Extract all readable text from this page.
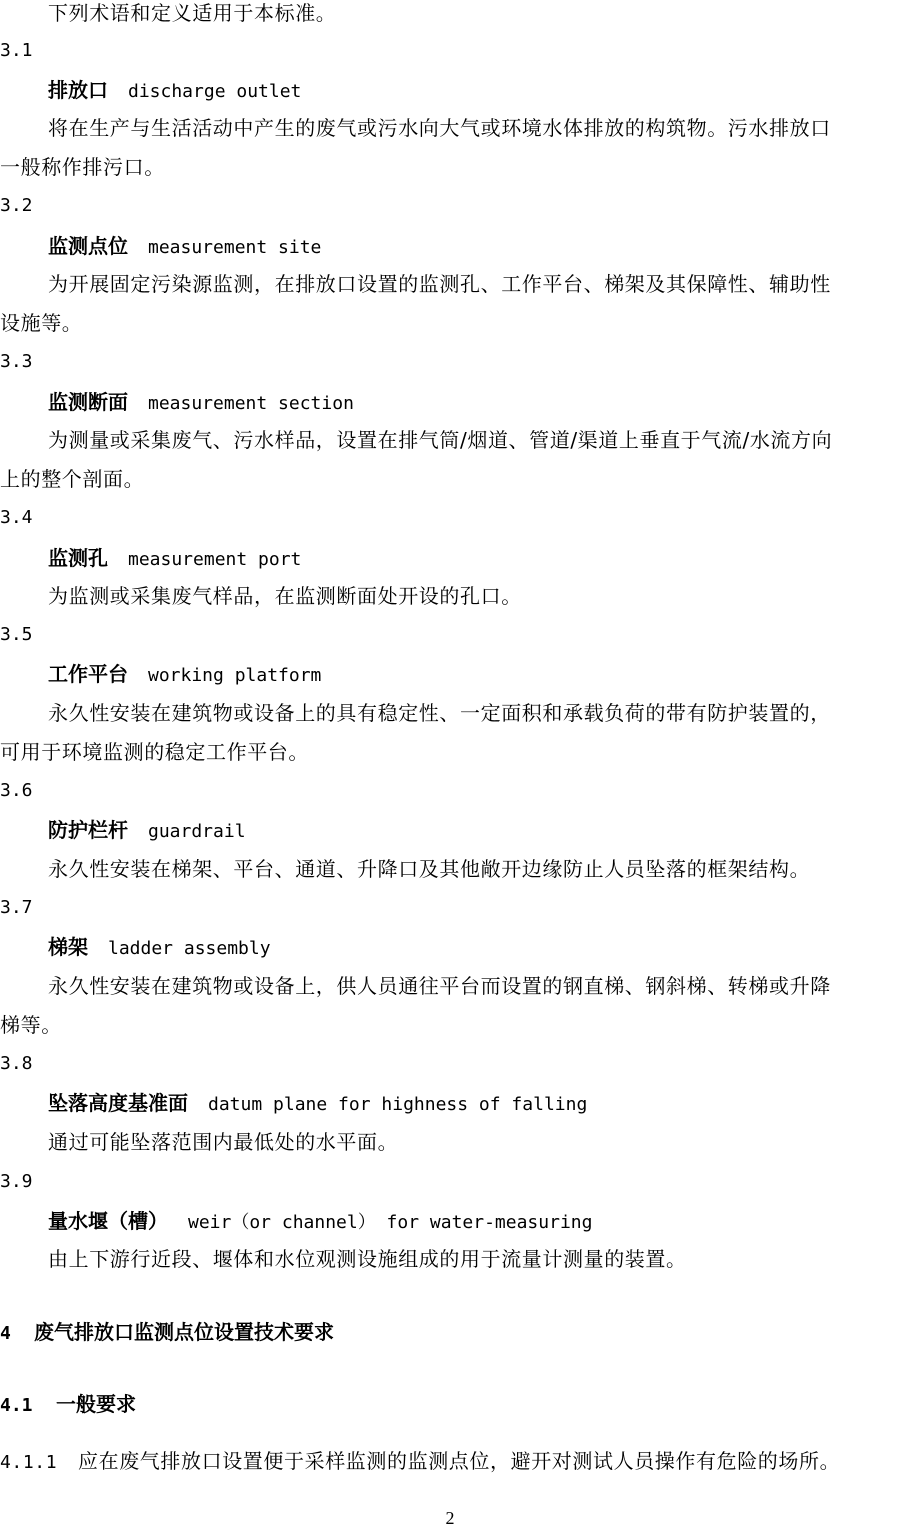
下列术语和定义适用于本标准。
3.1
排放口 discharge outlet
将在生产与生活活动中产生的废气或污水向大气或环境水体排放的构筑物。污水排放口
一般称作排污口。
3.2
监测点位 measurement site
为开展固定污染源监测，在排放口设置的监测孔、工作平台、梯架及其保障性、辅助性
设施等。
3.3
监测断面 measurement section
为测量或采集废气、污水样品，设置在排气筒/烟道、管道/渠道上垂直于气流/水流方向
上的整个剖面。
3.4
监测孔 measurement port
为监测或采集废气样品，在监测断面处开设的孔口。
3.5
工作平台 working platform
永久性安装在建筑物或设备上的具有稳定性、一定面积和承载负荷的带有防护装置的，
可用于环境监测的稳定工作平台。
3.6
防护栏杆 guardrail
永久性安装在梯架、平台、通道、升降口及其他敞开边缘防止人员坠落的框架结构。
3.7
梯架 ladder assembly
永久性安装在建筑物或设备上，供人员通往平台而设置的钢直梯、钢斜梯、转梯或升降
梯等。
3.8
坠落高度基准面 datum plane for highness of falling
通过可能坠落范围内最低处的水平面。
3.9
量水堰（槽） weir（or channel） for water-measuring
由上下游行近段、堰体和水位观测设施组成的用于流量计测量的装置。
4 废气排放口监测点位设置技术要求
4.1 一般要求
4.1.1 应在废气排放口设置便于采样监测的监测点位，避开对测试人员操作有危险的场所。
2
